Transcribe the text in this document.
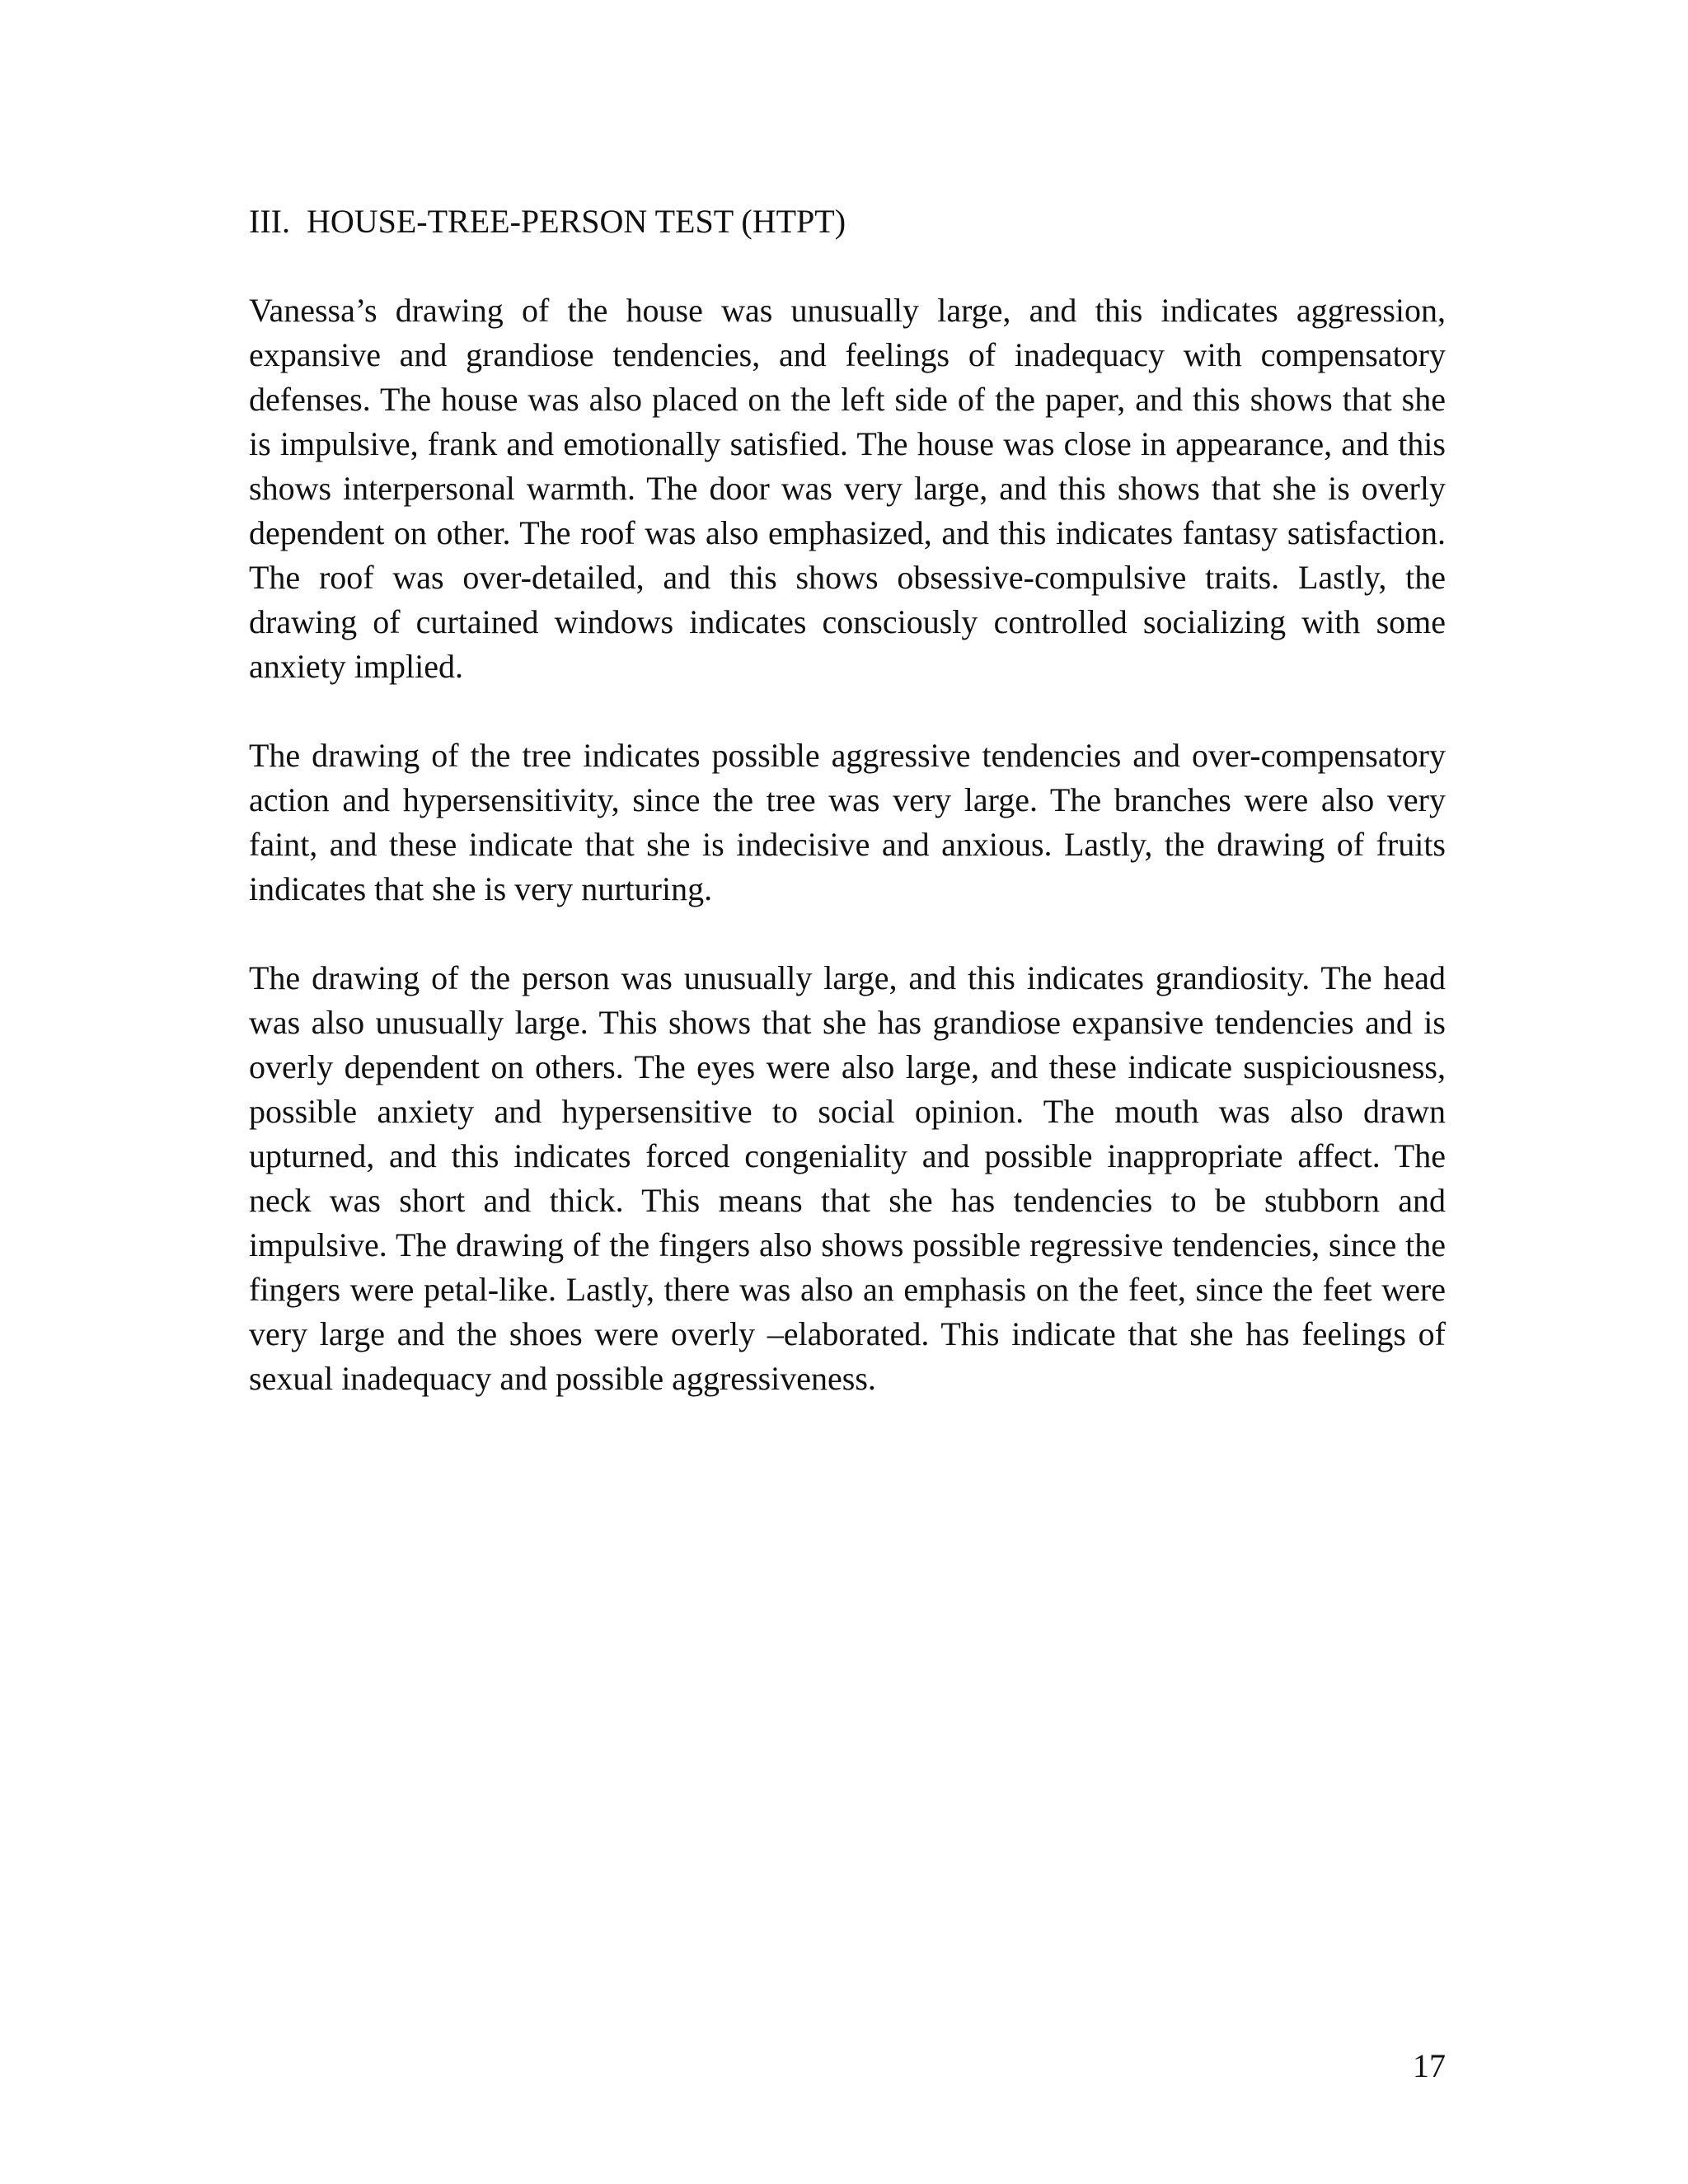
III.  HOUSE-TREE-PERSON TEST (HTPT)

Vanessa’s drawing of the house was unusually large, and this indicates aggression, expansive and grandiose tendencies, and feelings of inadequacy with compensatory defenses. The house was also placed on the left side of the paper, and this shows that she is impulsive, frank and emotionally satisfied. The house was close in appearance, and this shows interpersonal warmth. The door was very large, and this shows that she is overly dependent on other. The roof was also emphasized, and this indicates fantasy satisfaction. The roof was over-detailed, and this shows obsessive-compulsive traits. Lastly, the drawing of curtained windows indicates consciously controlled socializing with some anxiety implied.

The drawing of the tree indicates possible aggressive tendencies and over-compensatory action and hypersensitivity, since the tree was very large. The branches were also very faint, and these indicate that she is indecisive and anxious. Lastly, the drawing of fruits indicates that she is very nurturing.

The drawing of the person was unusually large, and this indicates grandiosity. The head was also unusually large. This shows that she has grandiose expansive tendencies and is overly dependent on others. The eyes were also large, and these indicate suspiciousness, possible anxiety and hypersensitive to social opinion. The mouth was also drawn upturned, and this indicates forced congeniality and possible inappropriate affect. The neck was short and thick. This means that she has tendencies to be stubborn and impulsive. The drawing of the fingers also shows possible regressive tendencies, since the fingers were petal-like. Lastly, there was also an emphasis on the feet, since the feet were very large and the shoes were overly –elaborated. This indicate that she has feelings of sexual inadequacy and possible aggressiveness.

17
